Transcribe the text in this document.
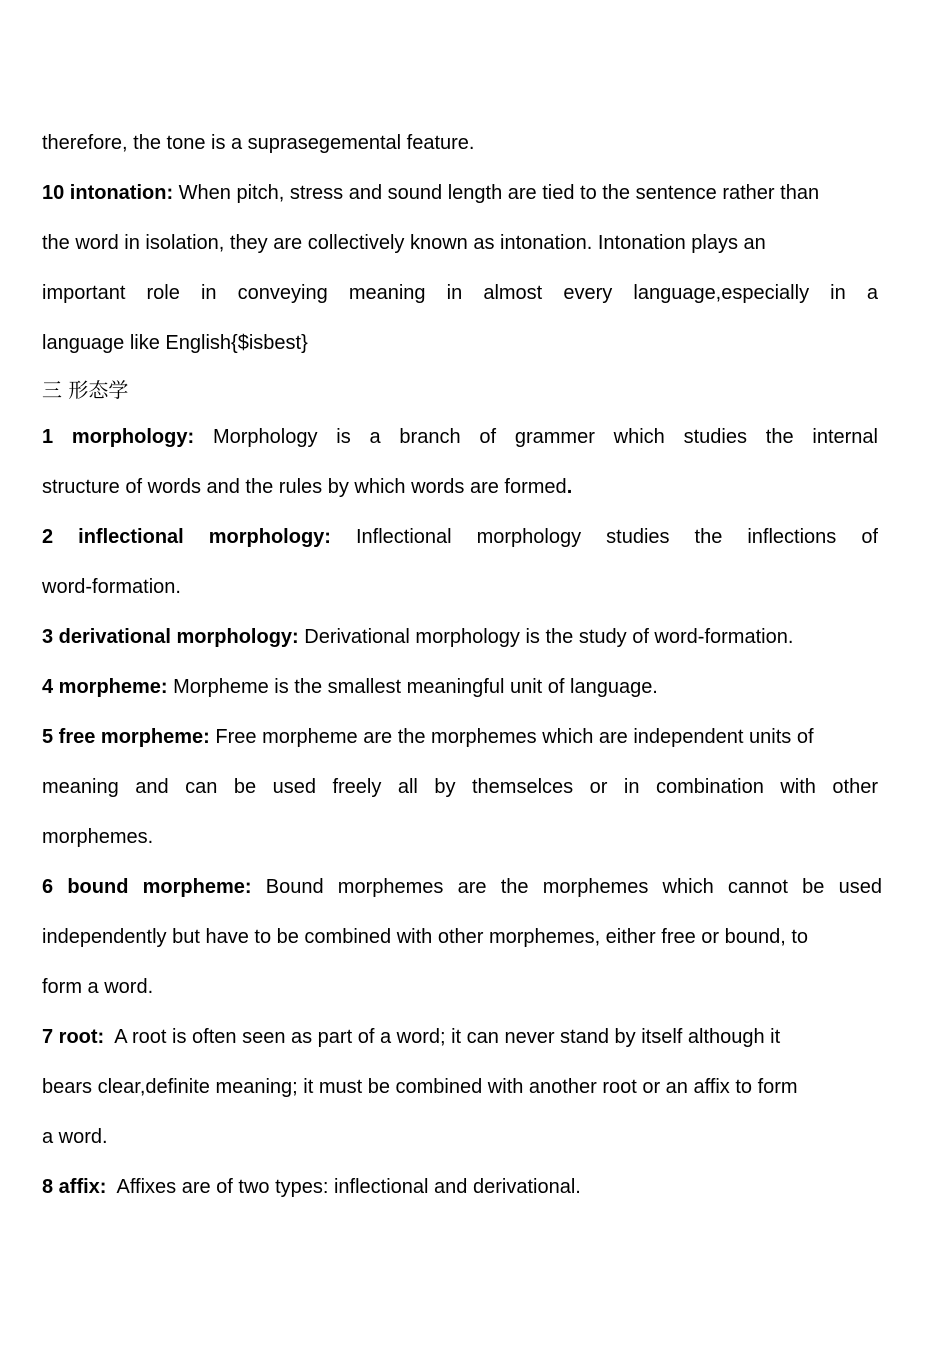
therefore, the tone is a suprasegemental feature.
10 intonation: When pitch, stress and sound length are tied to the sentence rather than
the word in isolation, they are collectively known as intonation. Intonation plays an
important role in conveying meaning in almost every language,especially in a
language like English{$isbest}
三 形态学
1 morphology: Morphology is a branch of grammer which studies the internal
structure of words and the rules by which words are formed.
2 inflectional morphology: Inflectional morphology studies the inflections of
word-formation.
3 derivational morphology: Derivational morphology is the study of word-formation.
4 morpheme: Morpheme is the smallest meaningful unit of language.
5 free morpheme: Free morpheme are the morphemes which are independent units of
meaning and can be used freely all by themselces or in combination with other
morphemes.
6 bound morpheme: Bound morphemes are the morphemes which cannot be used
independently but have to be combined with other morphemes, either free or bound, to
form a word.
7 root:  A root is often seen as part of a word; it can never stand by itself although it
bears clear,definite meaning; it must be combined with another root or an affix to form
a word.
8 affix:  Affixes are of two types: inflectional and derivational.
